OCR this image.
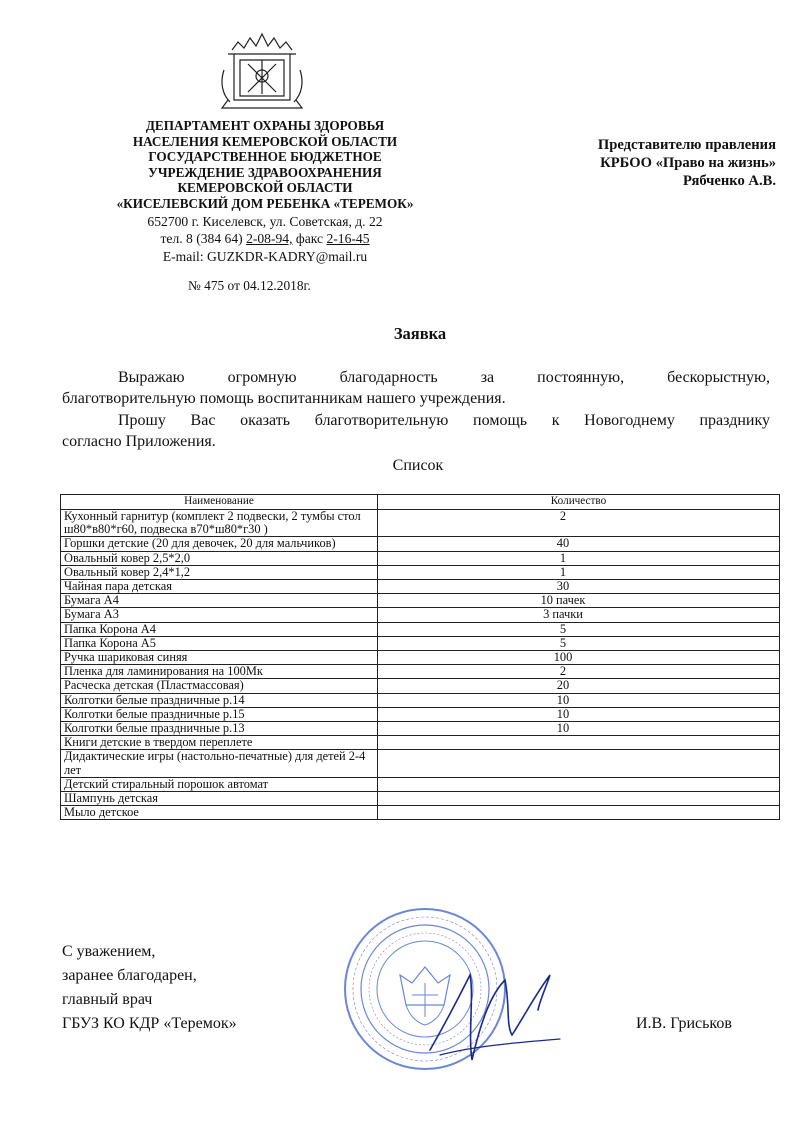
ДЕПАРТАМЕНТ ОХРАНЫ ЗДОРОВЬЯ

НАСЕЛЕНИЯ КЕМЕРОВСКОЙ ОБЛАСТИ

ГОСУДАРСТВЕННОЕ БЮДЖЕТНОЕ

УЧРЕЖДЕНИЕ ЗДРАВООХРАНЕНИЯ

КЕМЕРОВСКОЙ ОБЛАСТИ

«КИСЕЛЕВСКИЙ ДОМ РЕБЕНКА «ТЕРЕМОК»

652700 г. Киселевск, ул. Советская, д. 22

тел. 8 (384 64) 2-08-94, факс 2-16-45

E-mail: GUZKDR-KADRY@mail.ru

Представителю правления
КРБОО «Право на жизнь»
Рябченко А.В.
№ 475 от 04.12.2018г.
Заявка
Выражаю огромную благодарность за постоянную, бескорыстную,
благотворительную помощь воспитанникам нашего учреждения.
Прошу Вас оказать благотворительную помощь к Новогоднему празднику
согласно Приложения.
Список
Наименование	Количество
Кухонный гарнитур (комплект 2 подвески, 2 тумбы стол ш80*в80*г60, подвеска в70*ш80*г30 )	2
Горшки детские (20 для девочек, 20 для мальчиков)	40
Овальный ковер 2,5*2,0	1
Овальный ковер 2,4*1,2	1
Чайная пара детская	30
Бумага А4	10 пачек
Бумага А3	3 пачки
Папка Корона А4	5
Папка Корона А5	5
Ручка шариковая синяя	100
Пленка для ламинирования на 100Мк	2
Расческа детская (Пластмассовая)	20
Колготки белые праздничные р.14	10
Колготки белые праздничные р.15	10
Колготки белые праздничные р.13	10
Книги детские в твердом переплете	
Дидактические игры (настольно-печатные) для детей 2-4 лет	
Детский стиральный порошок автомат	
Шампунь детская	
Мыло детское	
С уважением,
заранее благодарен,
главный врач
ГБУЗ КО КДР «Теремок»	И.В. Гриськов
